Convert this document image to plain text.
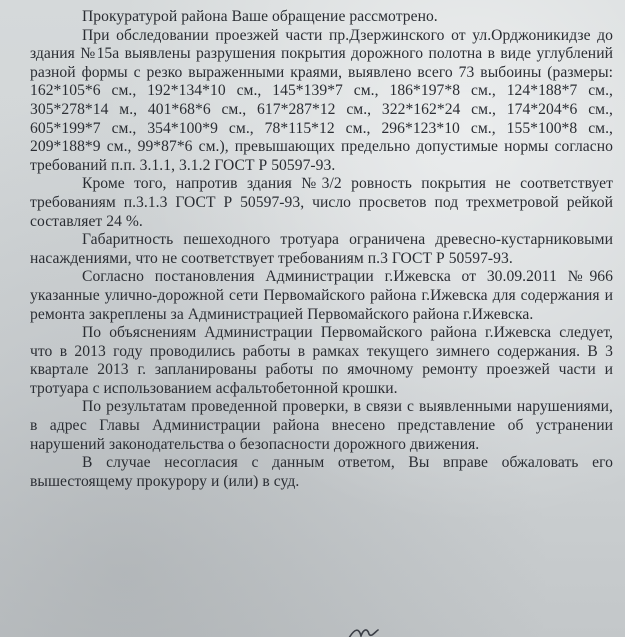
Прокуратурой района Ваше обращение рассмотрено.

При обследовании проезжей части пр.Дзержинского от ул.Орджоникидзе до здания №15а выявлены разрушения покрытия дорожного полотна в виде углублений разной формы с резко выраженными краями, выявлено всего 73 выбоины (размеры: 162*105*6 см., 192*134*10 см., 145*139*7 см., 186*197*8 см., 124*188*7 см., 305*278*14 м., 401*68*6 см., 617*287*12 см., 322*162*24 см., 174*204*6 см., 605*199*7 см., 354*100*9 см., 78*115*12 см., 296*123*10 см., 155*100*8 см., 209*188*9 см., 99*87*6 см.), превышающих предельно допустимые нормы согласно требований п.п. 3.1.1, 3.1.2 ГОСТ Р 50597-93.

Кроме того, напротив здания №3/2 ровность покрытия не соответствует требованиям п.3.1.3 ГОСТ Р 50597-93, число просветов под трехметровой рейкой составляет 24 %.

Габаритность пешеходного тротуара ограничена древесно-кустарниковыми насаждениями, что не соответствует требованиям п.3 ГОСТ Р 50597-93.

Согласно постановления Администрации г.Ижевска от 30.09.2011 №966 указанные улично-дорожной сети Первомайского района г.Ижевска для содержания и ремонта закреплены за Администрацией Первомайского района г.Ижевска.

По объяснениям Администрации Первомайского района г.Ижевска следует, что в 2013 году проводились работы в рамках текущего зимнего содержания. В 3 квартале 2013 г. запланированы работы по ямочному ремонту проезжей части и тротуара с использованием асфальтобетонной крошки.

По результатам проведенной проверки, в связи с выявленными нарушениями, в адрес Главы Администрации района внесено представление об устранении нарушений законодательства о безопасности дорожного движения.

В случае несогласия с данным ответом, Вы вправе обжаловать его вышестоящему прокурору и (или) в суд.
